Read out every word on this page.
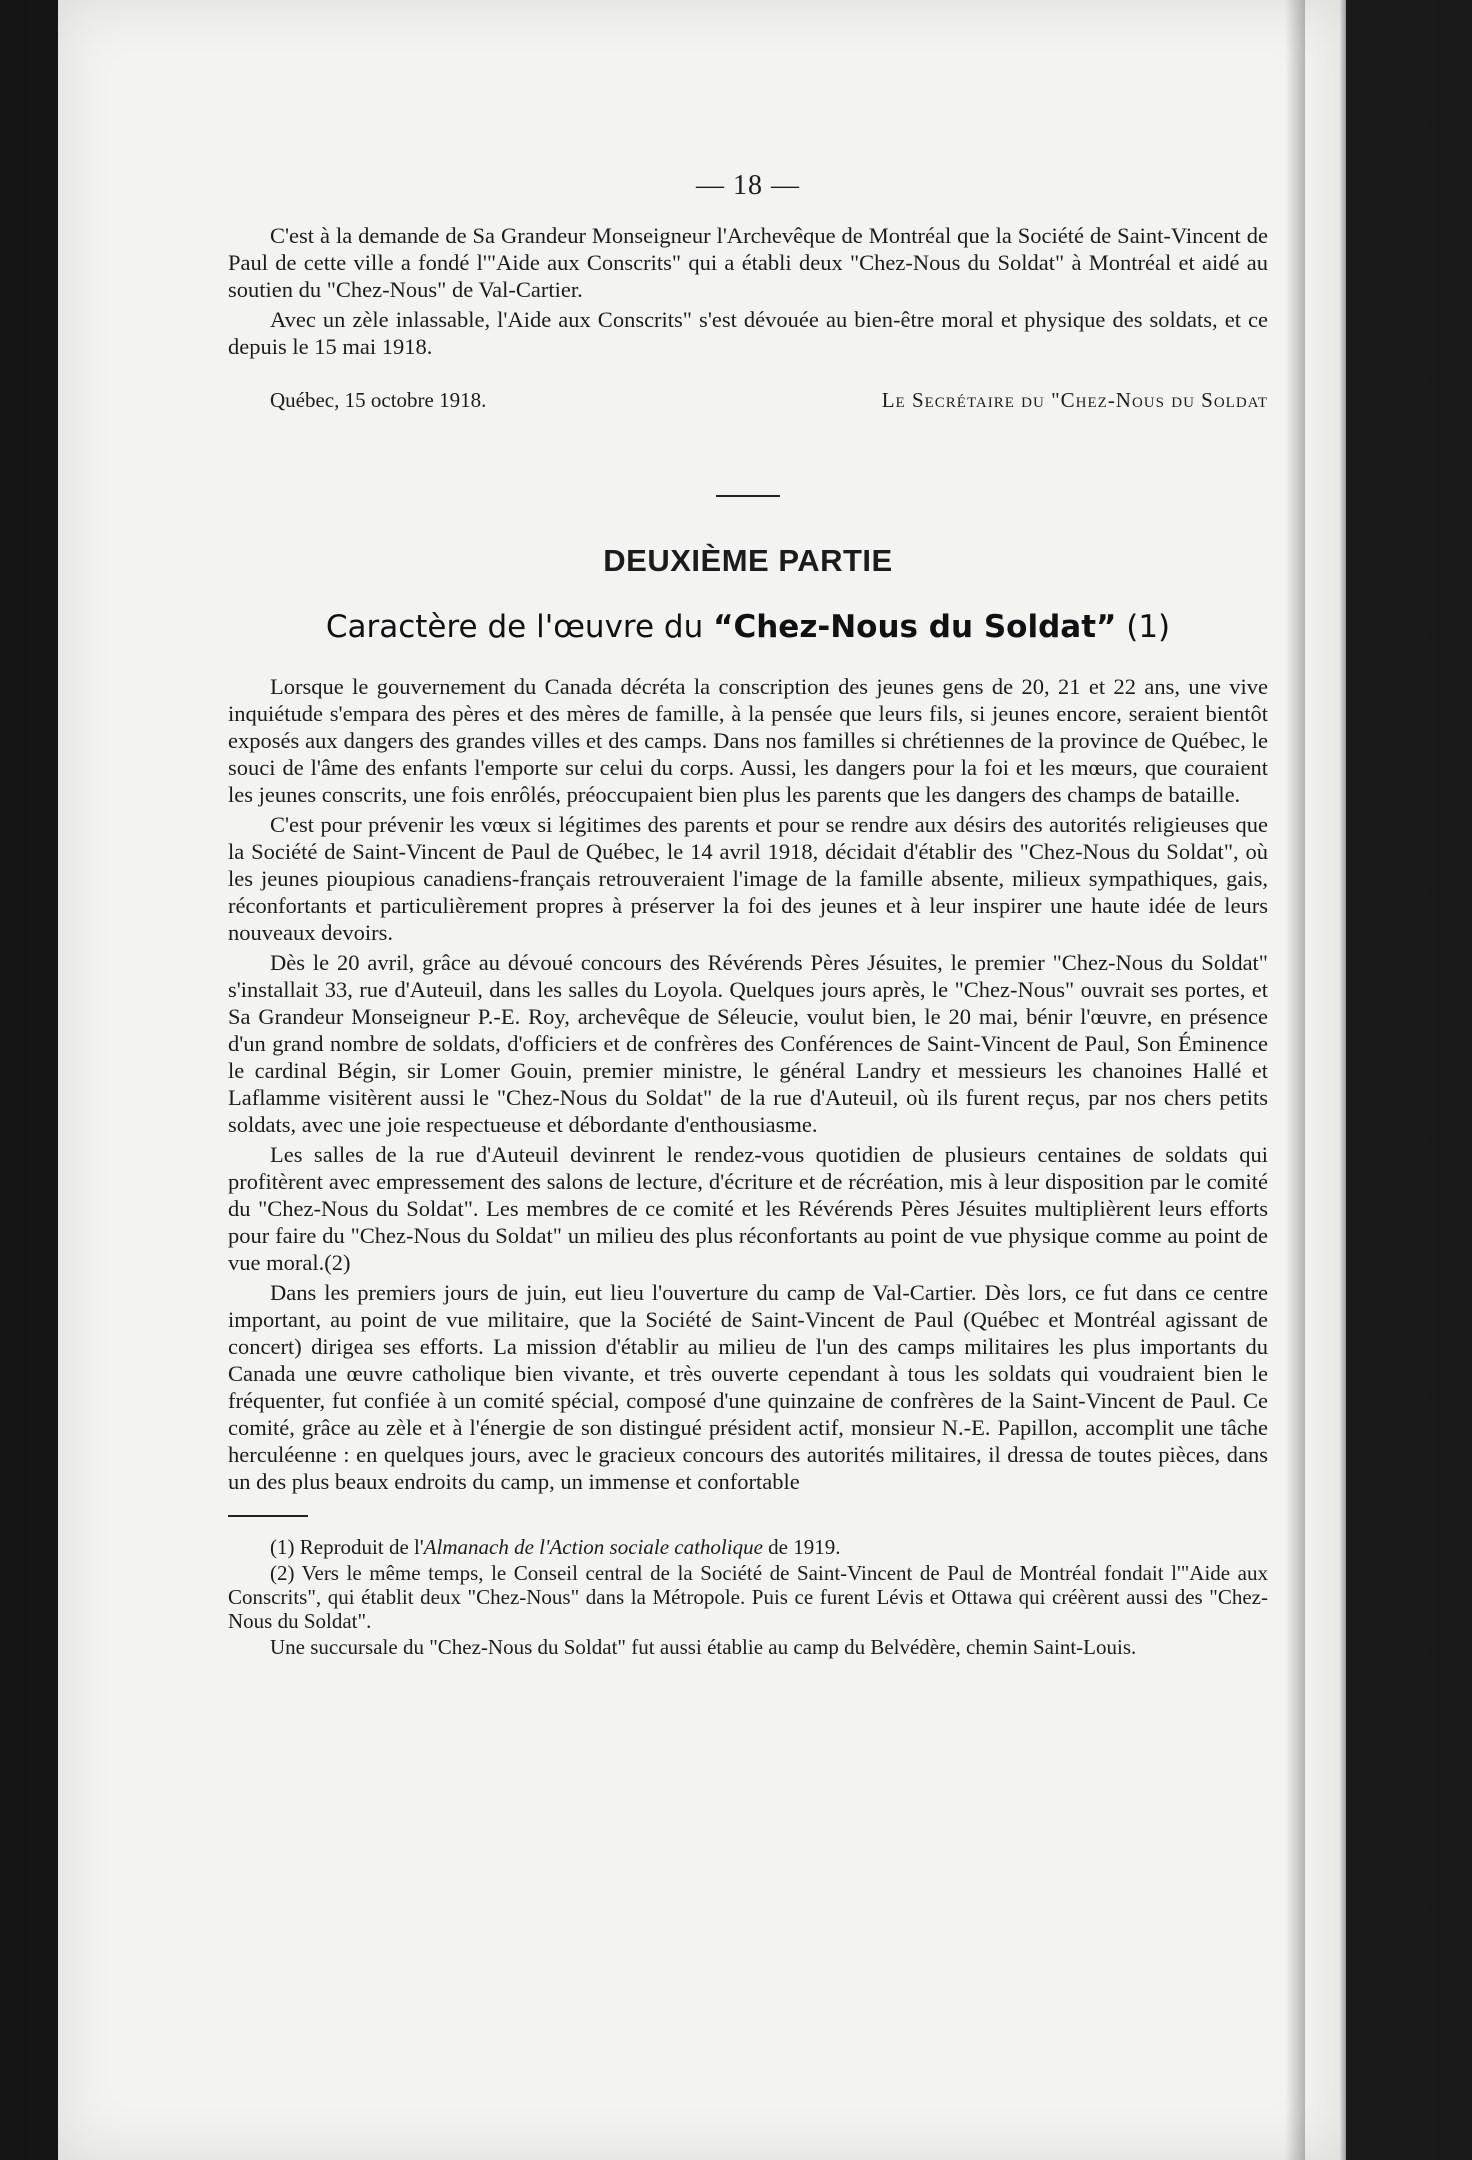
— 18 —

C'est à la demande de Sa Grandeur Monseigneur l'Archevêque de Montréal que la Société de Saint-Vincent de Paul de cette ville a fondé l'"Aide aux Conscrits" qui a établi deux "Chez-Nous du Soldat" à Montréal et aidé au soutien du "Chez-Nous" de Val-Cartier.

Avec un zèle inlassable, l'Aide aux Conscrits" s'est dévouée au bien-être moral et physique des soldats, et ce depuis le 15 mai 1918.

Québec, 15 octobre 1918.	Le Secrétaire du "Chez-Nous du Soldat
DEUXIÈME PARTIE
Caractère de l'œuvre du “Chez-Nous du Soldat” (1)

Lorsque le gouvernement du Canada décréta la conscription des jeunes gens de 20, 21 et 22 ans, une vive inquiétude s'empara des pères et des mères de famille, à la pensée que leurs fils, si jeunes encore, seraient bientôt exposés aux dangers des grandes villes et des camps. Dans nos familles si chrétiennes de la province de Québec, le souci de l'âme des enfants l'emporte sur celui du corps. Aussi, les dangers pour la foi et les mœurs, que couraient les jeunes conscrits, une fois enrôlés, préoccupaient bien plus les parents que les dangers des champs de bataille.

C'est pour prévenir les vœux si légitimes des parents et pour se rendre aux désirs des autorités religieuses que la Société de Saint-Vincent de Paul de Québec, le 14 avril 1918, décidait d'établir des "Chez-Nous du Soldat", où les jeunes pioupious canadiens-français retrouveraient l'image de la famille absente, milieux sympathiques, gais, réconfortants et particulièrement propres à préserver la foi des jeunes et à leur inspirer une haute idée de leurs nouveaux devoirs.

Dès le 20 avril, grâce au dévoué concours des Révérends Pères Jésuites, le premier "Chez-Nous du Soldat" s'installait 33, rue d'Auteuil, dans les salles du Loyola. Quelques jours après, le "Chez-Nous" ouvrait ses portes, et Sa Grandeur Monseigneur P.-E. Roy, archevêque de Séleucie, voulut bien, le 20 mai, bénir l'œuvre, en présence d'un grand nombre de soldats, d'officiers et de confrères des Conférences de Saint-Vincent de Paul, Son Éminence le cardinal Bégin, sir Lomer Gouin, premier ministre, le général Landry et messieurs les chanoines Hallé et Laflamme visitèrent aussi le "Chez-Nous du Soldat" de la rue d'Auteuil, où ils furent reçus, par nos chers petits soldats, avec une joie respectueuse et débordante d'enthousiasme.

Les salles de la rue d'Auteuil devinrent le rendez-vous quotidien de plusieurs centaines de soldats qui profitèrent avec empressement des salons de lecture, d'écriture et de récréation, mis à leur disposition par le comité du "Chez-Nous du Soldat". Les membres de ce comité et les Révérends Pères Jésuites multiplièrent leurs efforts pour faire du "Chez-Nous du Soldat" un milieu des plus réconfortants au point de vue physique comme au point de vue moral.(2)

Dans les premiers jours de juin, eut lieu l'ouverture du camp de Val-Cartier. Dès lors, ce fut dans ce centre important, au point de vue militaire, que la Société de Saint-Vincent de Paul (Québec et Montréal agissant de concert) dirigea ses efforts. La mission d'établir au milieu de l'un des camps militaires les plus importants du Canada une œuvre catholique bien vivante, et très ouverte cependant à tous les soldats qui voudraient bien le fréquenter, fut confiée à un comité spécial, composé d'une quinzaine de confrères de la Saint-Vincent de Paul. Ce comité, grâce au zèle et à l'énergie de son distingué président actif, monsieur N.-E. Papillon, accomplit une tâche herculéenne : en quelques jours, avec le gracieux concours des autorités militaires, il dressa de toutes pièces, dans un des plus beaux endroits du camp, un immense et confortable

(1) Reproduit de l'Almanach de l'Action sociale catholique de 1919.

(2) Vers le même temps, le Conseil central de la Société de Saint-Vincent de Paul de Montréal fondait l'"Aide aux Conscrits", qui établit deux "Chez-Nous" dans la Métropole. Puis ce furent Lévis et Ottawa qui créèrent aussi des "Chez-Nous du Soldat".

Une succursale du "Chez-Nous du Soldat" fut aussi établie au camp du Belvédère, chemin Saint-Louis.
